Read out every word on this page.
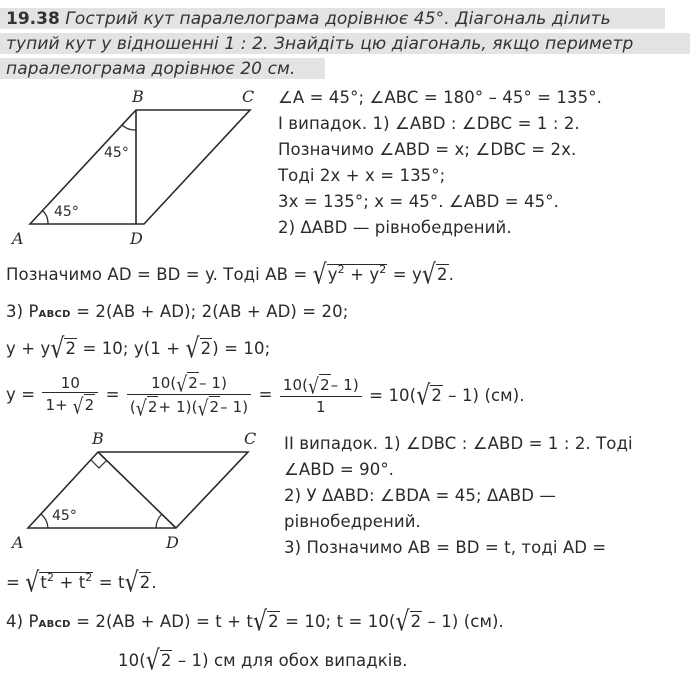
19.38 Гострий кут паралелограма дорівнює 45°. Діагональ ділить
тупий кут у відношенні 1 : 2. Знайдіть цю діагональ, якщо периметр
паралелограма дорівнює 20 см.
A
B	C
D
45°
45°
∠A = 45°; ∠ABC = 180° – 45° = 135°.
І випадок. 1) ∠ABD : ∠DBC = 1 : 2.
Позначимо ∠ABD = x; ∠DBC = 2x.
Тоді 2x + x = 135°;
3x = 135°; x = 45°. ∠ABD = 45°.
2) ΔABD — рівнобедрений.
Позначимо AD = BD = y. Тоді AB = $√y^2 + y^2 = y√2$.
3) PABCD = 2(AB + AD); 2(AB + AD) = 20;
y + y√2 = 10; y(1 + √2) = 10;
$y = \frac{10}{1+ √2} = \frac{10(√2- 1)}{(√2+ 1)(√2- 1)} = \frac{10(√2- 1)}{1} = 10(√2 - 1)$ (см).
A
B	C
D
45°
II випадок. 1) ∠DBC : ∠ABD = 1 : 2. Тоді
∠ABD = 90°.
2) У ΔABD: ∠BDA = 45; ΔABD —
рівнобедрений.
3) Позначимо AB = BD = t, тоді AD =
= $√t^2 + t^2 = t√2$.
4) PABCD = 2(AB + AD) = t + t√2 = 10; t = 10(√2 – 1) (см).
10(√2 – 1) см для обох випадків.
